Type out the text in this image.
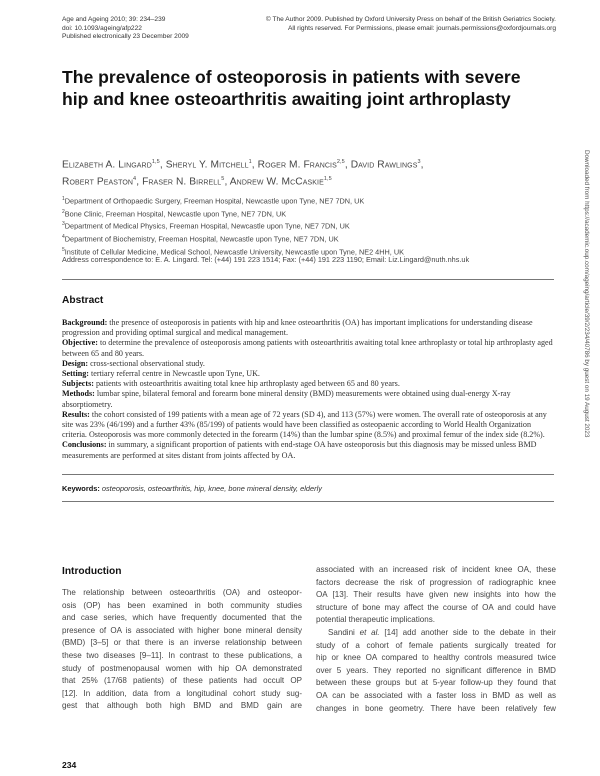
Age and Ageing 2010; 39: 234–239
doi: 10.1093/ageing/afp222
Published electronically 23 December 2009
© The Author 2009. Published by Oxford University Press on behalf of the British Geriatrics Society.
All rights reserved. For Permissions, please email: journals.permissions@oxfordjournals.org
The prevalence of osteoporosis in patients with severe hip and knee osteoarthritis awaiting joint arthroplasty
Elizabeth A. Lingard$^{1,5}$, Sheryl Y. Mitchell$^1$, Roger M. Francis$^{2,5}$, David Rawlings$^3$,
Robert Peaston$^4$, Fraser N. Birrell$^5$, Andrew W. McCaskie$^{1,5}$
$^1$Department of Orthopaedic Surgery, Freeman Hospital, Newcastle upon Tyne, NE7 7DN, UK
$^2$Bone Clinic, Freeman Hospital, Newcastle upon Tyne, NE7 7DN, UK
$^3$Department of Medical Physics, Freeman Hospital, Newcastle upon Tyne, NE7 7DN, UK
$^4$Department of Biochemistry, Freeman Hospital, Newcastle upon Tyne, NE7 7DN, UK
$^5$Institute of Cellular Medicine, Medical School, Newcastle University, Newcastle upon Tyne, NE2 4HH, UK
Address correspondence to: E. A. Lingard. Tel: (+44) 191 223 1514; Fax: (+44) 191 223 1190; Email: Liz.Lingard@nuth.nhs.uk
Abstract

Background: the presence of osteoporosis in patients with hip and knee osteoarthritis (OA) has important implications for understanding disease progression and providing optimal surgical and medical management.

Objective: to determine the prevalence of osteoporosis among patients with osteoarthritis awaiting total knee arthroplasty or total hip arthroplasty aged between 65 and 80 years.

Design: cross-sectional observational study.

Setting: tertiary referral centre in Newcastle upon Tyne, UK.

Subjects: patients with osteoarthritis awaiting total knee hip arthroplasty aged between 65 and 80 years.

Methods: lumbar spine, bilateral femoral and forearm bone mineral density (BMD) measurements were obtained using dual-energy X-ray absorptiometry.

Results: the cohort consisted of 199 patients with a mean age of 72 years (SD 4), and 113 (57%) were women. The overall rate of osteoporosis at any site was 23% (46/199) and a further 43% (85/199) of patients would have been classified as osteopaenic according to World Health Organization criteria. Osteoporosis was more commonly detected in the forearm (14%) than the lumbar spine (8.5%) and proximal femur of the index side (8.2%).

Conclusions: in summary, a significant proportion of patients with end-stage OA have osteoporosis but this diagnosis may be missed unless BMD measurements are performed at sites distant from joints affected by OA.

Keywords: osteoporosis, osteoarthritis, hip, knee, bone mineral density, elderly
Introduction
The relationship between osteoarthritis (OA) and osteopor-
osis (OP) has been examined in both community studies
and case series, which have frequently documented that the
presence of OA is associated with higher bone mineral density
(BMD) [3–5] or that there is an inverse relationship between
these two diseases [9–11]. In contrast to these publications, a
study of postmenopausal women with hip OA demonstrated
that 25% (17/68 patients) of these patients had occult OP
[12]. In addition, data from a longitudinal cohort study sug-
gest that although both high BMD and BMD gain are
associated with an increased risk of incident knee OA, these
factors decrease the risk of progression of radiographic knee
OA [13]. Their results have given new insights into how the
structure of bone may affect the course of OA and could have
potential therapeutic implications.
Sandini et al. [14] add another side to the debate in their
study of a cohort of female patients surgically treated for
hip or knee OA compared to healthy controls measured twice
over 5 years. They reported no significant difference in BMD
between these groups but at 5-year follow-up they found that
OA can be associated with a faster loss in BMD as well as
changes in bone geometry. There have been relatively few
234
Downloaded from https://academic.oup.com/ageing/article/39/2/234/40786 by guest on 19 August 2023
